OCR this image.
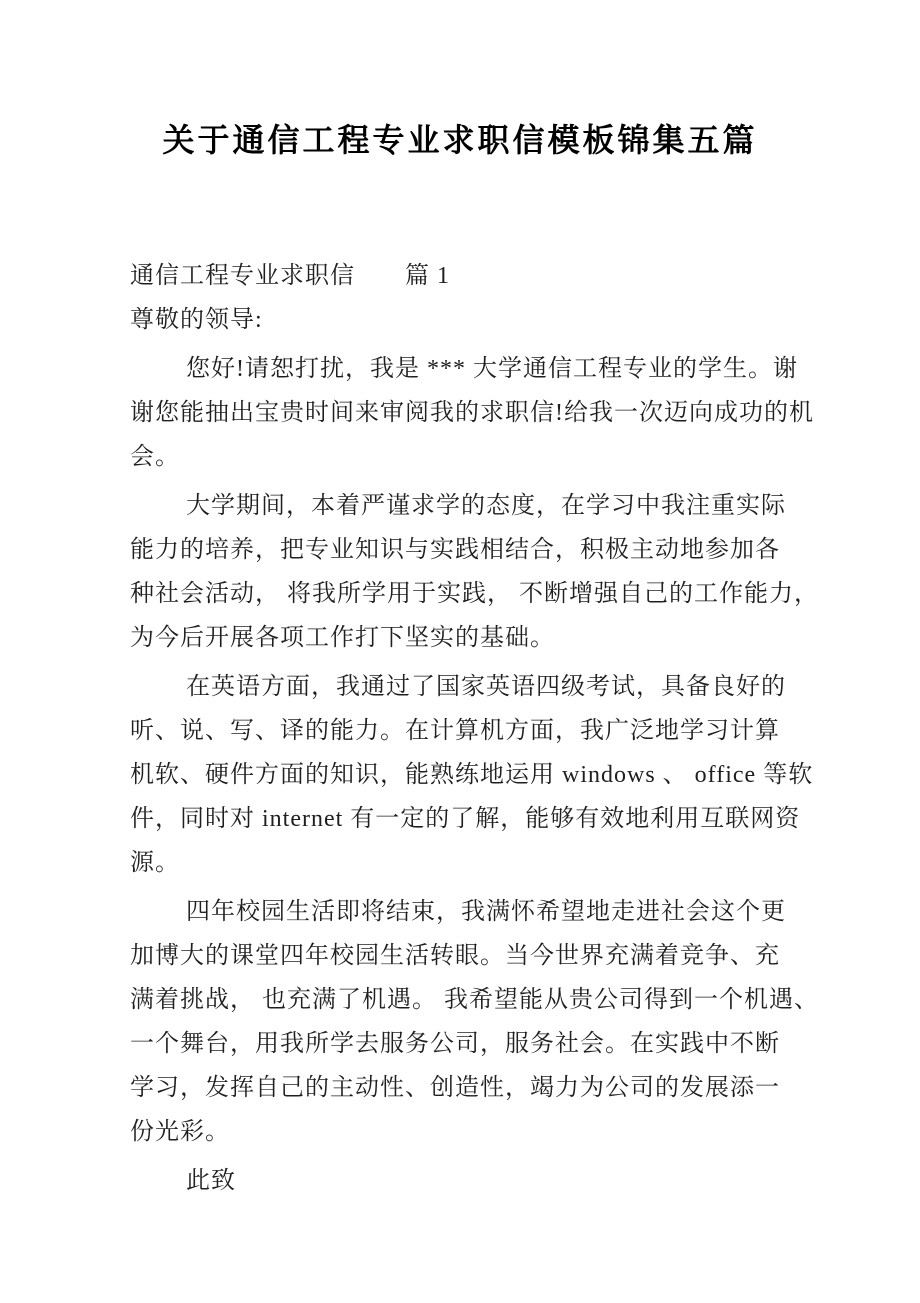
关于通信工程专业求职信模板锦集五篇
通信工程专业求职信　　篇 1
尊敬的领导:
您好!请恕打扰，我是 *** 大学通信工程专业的学生。谢
谢您能抽出宝贵时间来审阅我的求职信!给我一次迈向成功的机
会。
大学期间，本着严谨求学的态度，在学习中我注重实际
能力的培养，把专业知识与实践相结合，积极主动地参加各
种社会活动， 将我所学用于实践， 不断增强自己的工作能力，
为今后开展各项工作打下坚实的基础。
在英语方面，我通过了国家英语四级考试，具备良好的
听、说、写、译的能力。在计算机方面，我广泛地学习计算
机软、硬件方面的知识，能熟练地运用 windows 、 office 等软
件，同时对 internet 有一定的了解，能够有效地利用互联网资
源。
四年校园生活即将结束，我满怀希望地走进社会这个更
加博大的课堂四年校园生活转眼。当今世界充满着竞争、充
满着挑战， 也充满了机遇。 我希望能从贵公司得到一个机遇、
一个舞台，用我所学去服务公司，服务社会。在实践中不断
学习，发挥自己的主动性、创造性，竭力为公司的发展添一
份光彩。
此致
